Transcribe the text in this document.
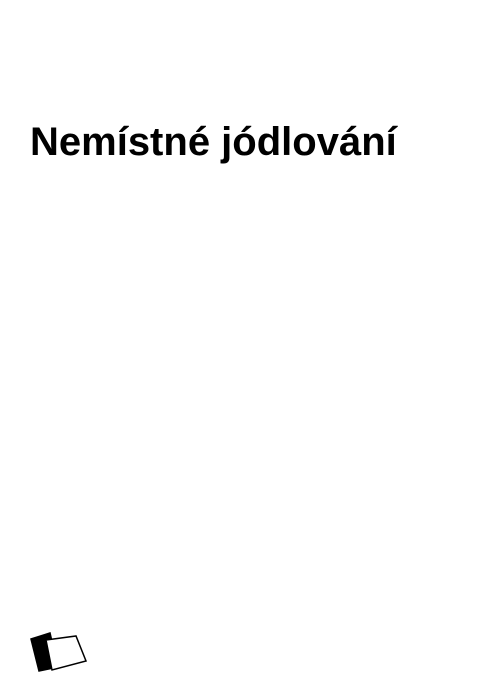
Nemístné jódlování
